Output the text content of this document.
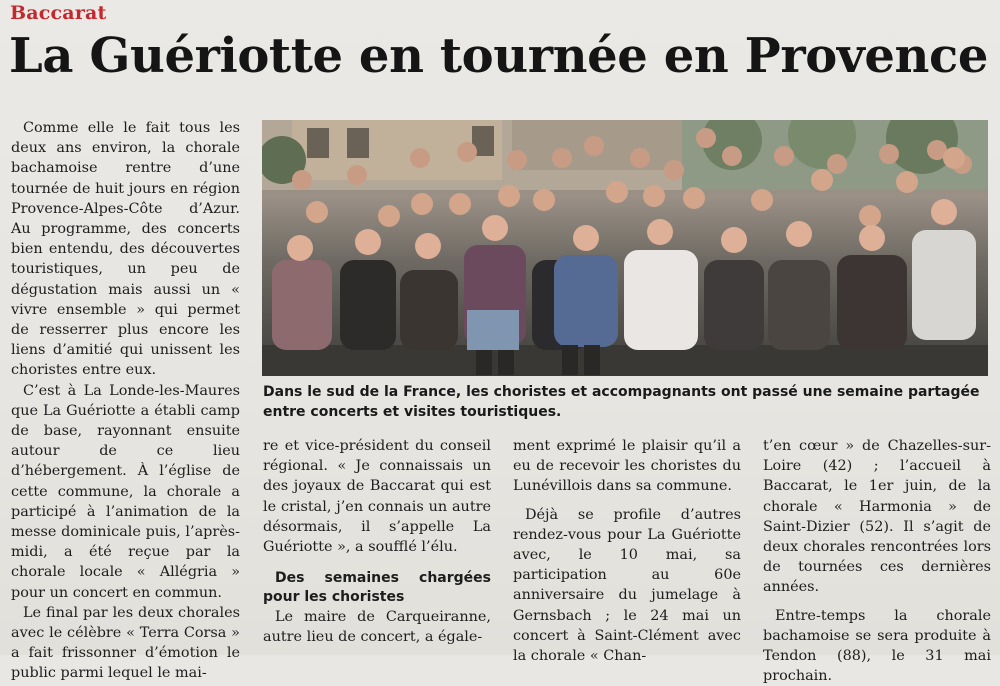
Baccarat
La Guériotte en tournée en Provence

Comme elle le fait tous les deux ans environ, la chorale bachamoise rentre d’une tournée de huit jours en région Provence-Alpes-Côte d’Azur. Au programme, des concerts bien entendu, des découvertes touristiques, un peu de dégustation mais aussi un « vivre ensemble » qui permet de resserrer plus encore les liens d’amitié qui unissent les choristes entre eux.

C’est à La Londe-les-Maures que La Guériotte a établi camp de base, rayonnant ensuite autour de ce lieu d’hébergement. À l’église de cette commune, la chorale a participé à l’animation de la messe dominicale puis, l’après-midi, a été reçue par la chorale locale « Allégria » pour un concert en commun.

Le final par les deux chorales avec le célèbre « Terra Corsa » a fait frissonner d’émotion le public parmi lequel le mai-

Dans le sud de la France, les choristes et accompagnants ont passé une semaine partagée entre concerts et visites touristiques.

re et vice-président du conseil régional. « Je connaissais un des joyaux de Baccarat qui est le cristal, j’en connais un autre désormais, il s’appelle La Guériotte », a soufflé l’élu.

Des semaines chargées pour les choristes

Le maire de Carqueiranne, autre lieu de concert, a égale-

ment exprimé le plaisir qu’il a eu de recevoir les choristes du Lunévillois dans sa commune.

Déjà se profile d’autres rendez-vous pour La Guériotte avec, le 10 mai, sa participation au 60e anniversaire du jumelage à Gernsbach ; le 24 mai un concert à Saint-Clément avec la chorale « Chan-

t’en cœur » de Chazelles-sur-Loire (42) ; l’accueil à Baccarat, le 1er juin, de la chorale « Harmonia » de Saint-Dizier (52). Il s’agit de deux chorales rencontrées lors de tournées ces dernières années.

Entre-temps la chorale bachamoise se sera produite à Tendon (88), le 31 mai prochain.
